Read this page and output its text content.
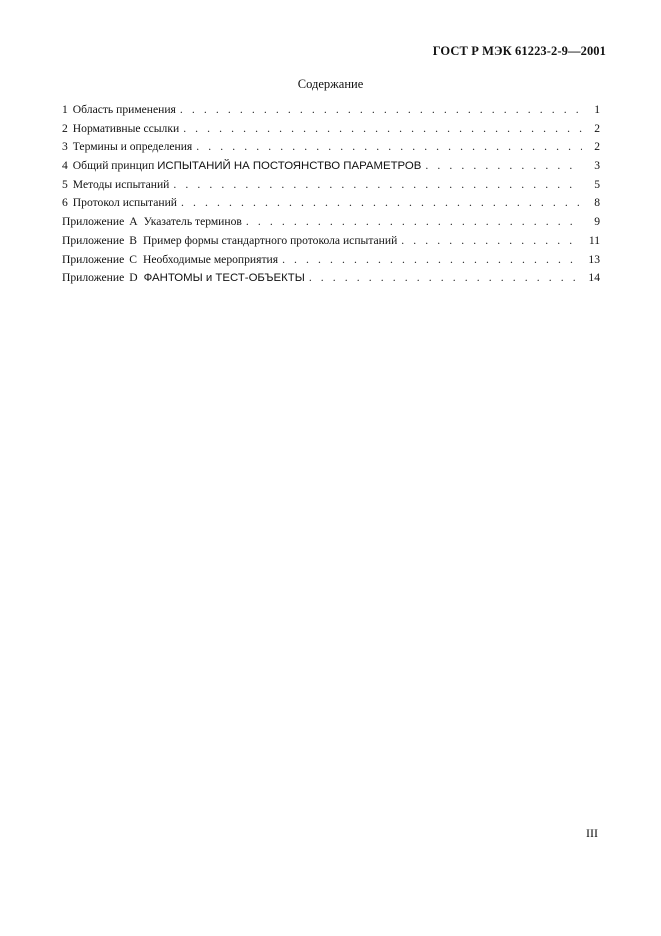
ГОСТ Р МЭК 61223-2-9—2001
Содержание
1 Область применения . . .	1
2 Нормативные ссылки . . .	2
3 Термины и определения . . .	2
4 Общий принцип ИСПЫТАНИЙ НА ПОСТОЯНСТВО ПАРАМЕТРОВ . . .	3
5 Методы испытаний . . .	5
6 Протокол испытаний . . .	8
Приложение А Указатель терминов . . .	9
Приложение В Пример формы стандартного протокола испытаний . . .	11
Приложение С Необходимые мероприятия . . .	13
Приложение D ФАНТОМЫ и ТЕСТ-ОБЪЕКТЫ . . .	14
III
